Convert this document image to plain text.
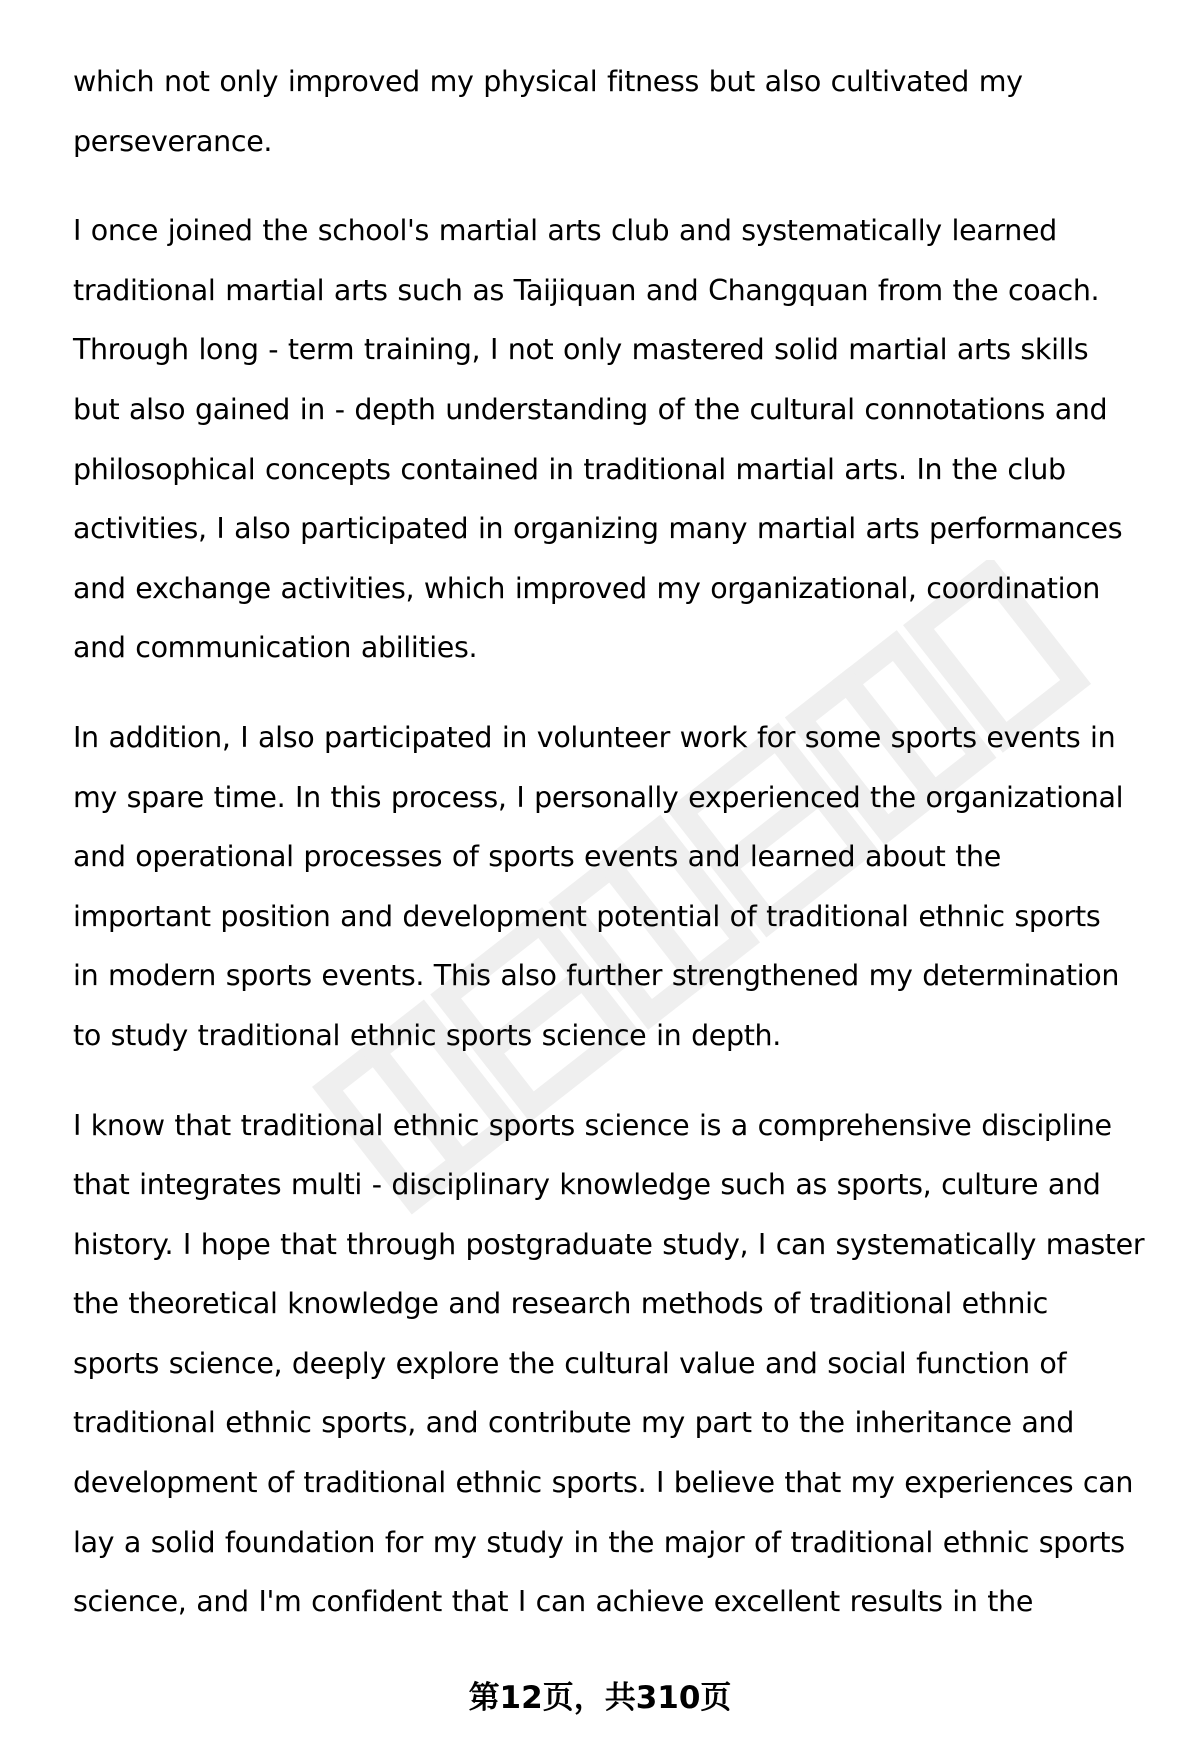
which not only improved my physical fitness but also cultivated my
perseverance.

I once joined the school's martial arts club and systematically learned
traditional martial arts such as Taijiquan and Changquan from the coach.
Through long - term training, I not only mastered solid martial arts skills
but also gained in - depth understanding of the cultural connotations and
philosophical concepts contained in traditional martial arts. In the club
activities, I also participated in organizing many martial arts performances
and exchange activities, which improved my organizational, coordination
and communication abilities.

In addition, I also participated in volunteer work for some sports events in
my spare time. In this process, I personally experienced the organizational
and operational processes of sports events and learned about the
important position and development potential of traditional ethnic sports
in modern sports events. This also further strengthened my determination
to study traditional ethnic sports science in depth.

I know that traditional ethnic sports science is a comprehensive discipline
that integrates multi - disciplinary knowledge such as sports, culture and
history. I hope that through postgraduate study, I can systematically master
the theoretical knowledge and research methods of traditional ethnic
sports science, deeply explore the cultural value and social function of
traditional ethnic sports, and contribute my part to the inheritance and
development of traditional ethnic sports. I believe that my experiences can
lay a solid foundation for my study in the major of traditional ethnic sports
science, and I'm confident that I can achieve excellent results in the

第12页，共310页
